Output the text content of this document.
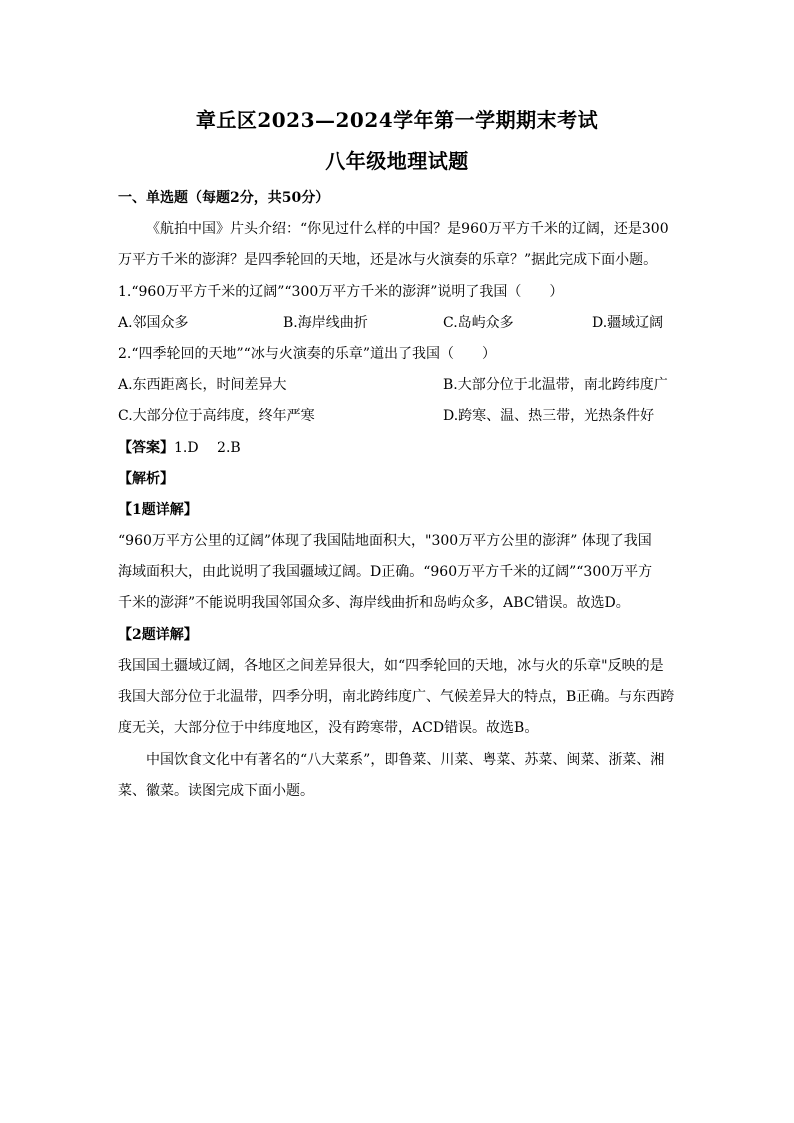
章丘区2023—2024学年第一学期期末考试
八年级地理试题
一、单选题（每题2分，共50分）
《航拍中国》片头介绍：“你见过什么样的中国？是960万平方千米的辽阔，还是300
万平方千米的澎湃？是四季轮回的天地，还是冰与火演奏的乐章？”据此完成下面小题。
1.“960万平方千米的辽阔”“300万平方千米的澎湃”说明了我国（　　）
A.邻国众多	B.海岸线曲折	C.岛屿众多	D.疆域辽阔
2.“四季轮回的天地”“冰与火演奏的乐章”道出了我国（　　）
A.东西距离长，时间差异大	B.大部分位于北温带，南北跨纬度广
C.大部分位于高纬度，终年严寒	D.跨寒、温、热三带，光热条件好
【答案】1.D　 2.B
【解析】
【1题详解】
“960万平方公里的辽阔”体现了我国陆地面积大，"300万平方公里的澎湃” 体现了我国
海域面积大，由此说明了我国疆域辽阔。D正确。“960万平方千米的辽阔”“300万平方
千米的澎湃”不能说明我国邻国众多、海岸线曲折和岛屿众多，ABC错误。故选D。
【2题详解】
我国国土疆域辽阔，各地区之间差异很大，如“四季轮回的天地，冰与火的乐章"反映的是
我国大部分位于北温带，四季分明，南北跨纬度广、气候差异大的特点，B正确。与东西跨
度无关，大部分位于中纬度地区，没有跨寒带，ACD错误。故选B。
中国饮食文化中有著名的“八大菜系”，即鲁菜、川菜、粤菜、苏菜、闽菜、浙菜、湘
菜、徽菜。读图完成下面小题。
